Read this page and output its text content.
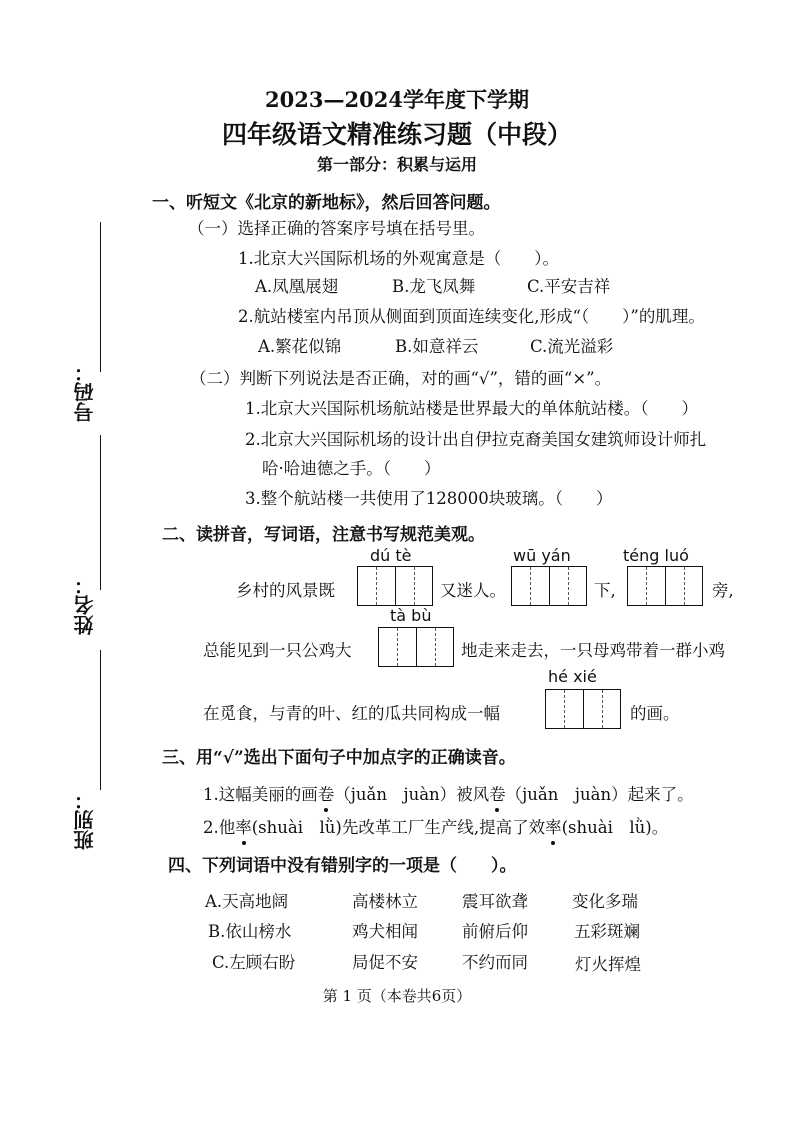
2023—2024学年度下学期
四年级语文精准练习题（中段）
第一部分：积累与运用
号码：
姓名：
班别：
一、听短文《北京的新地标》，然后回答问题。
（一）选择正确的答案序号填在括号里。
1.北京大兴国际机场的外观寓意是（　　）。
A.凤凰展翅	B.龙飞凤舞	C.平安吉祥
2.航站楼室内吊顶从侧面到顶面连续变化,形成“（　　）”的肌理。
A.繁花似锦	B.如意祥云	C.流光溢彩
（二）判断下列说法是否正确，对的画“√”，错的画“×”。
1.北京大兴国际机场航站楼是世界最大的单体航站楼。（　　）
2.北京大兴国际机场的设计出自伊拉克裔美国女建筑师设计师扎
哈·哈迪德之手。（　　）
3.整个航站楼一共使用了128000块玻璃。（　　）
二、读拼音，写词语，注意书写规范美观。
dú tè	wū yán	téng luó
乡村的风景既	又迷人。	下,	旁,
tà bù
总能见到一只公鸡大	地走来走去，一只母鸡带着一群小鸡
hé xié
在觅食，与青的叶、红的瓜共同构成一幅	的画。
三、用“√”选出下面句子中加点字的正确读音。
1.这幅美丽的画卷（juǎn　juàn）被风卷（juǎn　juàn）起来了。
2.他率(shuài　lǜ)先改革工厂生产线,提高了效率(shuài　lǜ)。
四、下列词语中没有错别字的一项是（　　）。
A.天高地阔	高楼林立	震耳欲聋	变化多瑞
B.依山榜水	鸡犬相闻	前俯后仰	五彩斑斓
C.左顾右盼	局促不安	不约而同	灯火挥煌
第 1 页（本卷共6页）
